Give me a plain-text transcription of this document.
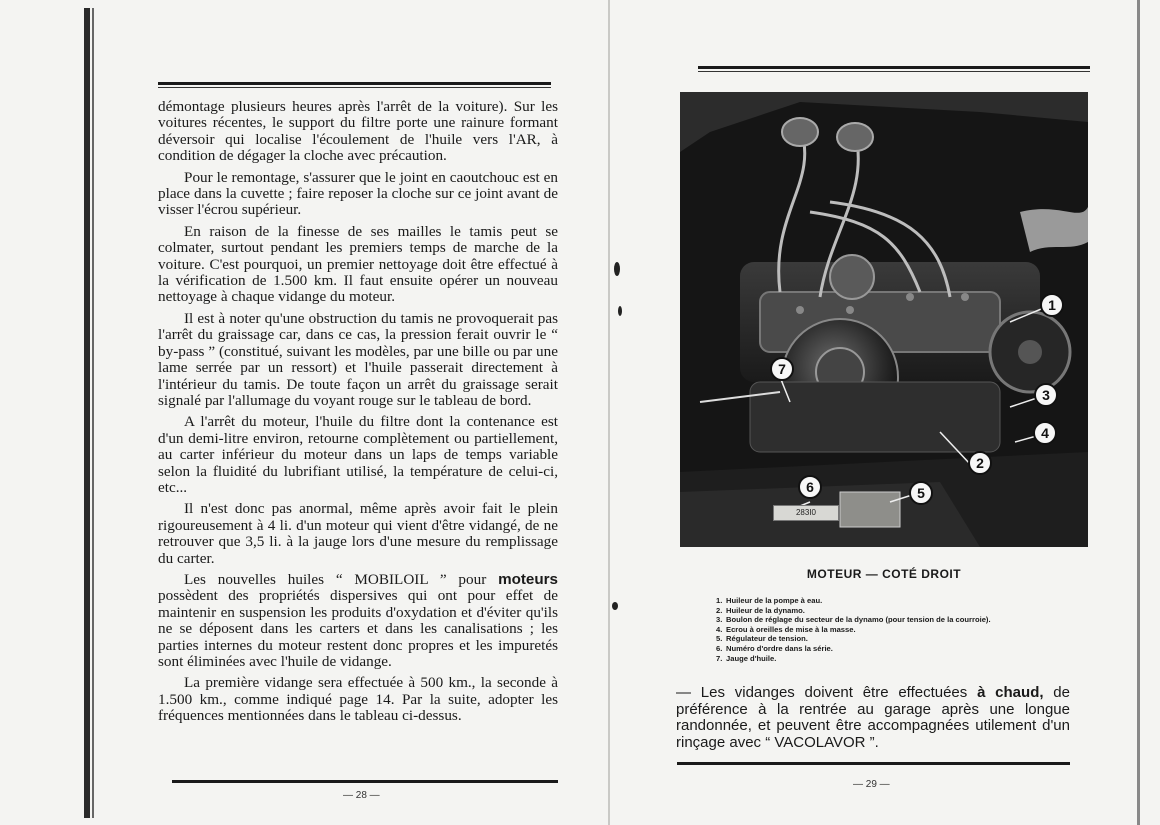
démontage plusieurs heures après l'arrêt de la voiture). Sur les voitures récentes, le support du filtre porte une rainure formant déversoir qui localise l'écoulement de l'huile vers l'AR, à condition de dégager la cloche avec précaution.

Pour le remontage, s'assurer que le joint en caoutchouc est en place dans la cuvette ; faire reposer la cloche sur ce joint avant de visser l'écrou supérieur.

En raison de la finesse de ses mailles le tamis peut se colmater, surtout pendant les premiers temps de marche de la voiture. C'est pourquoi, un premier nettoyage doit être effectué à la vérification de 1.500 km. Il faut ensuite opérer un nouveau nettoyage à chaque vidange du moteur.

Il est à noter qu'une obstruction du tamis ne provoquerait pas l'arrêt du graissage car, dans ce cas, la pression ferait ouvrir le “ by-pass ” (constitué, suivant les modèles, par une bille ou par une lame serrée par un ressort) et l'huile passerait directement à l'intérieur du tamis. De toute façon un arrêt du graissage serait signalé par l'allumage du voyant rouge sur le tableau de bord.

A l'arrêt du moteur, l'huile du filtre dont la contenance est d'un demi-litre environ, retourne complètement ou partiellement, au carter inférieur du moteur dans un laps de temps variable selon la fluidité du lubrifiant utilisé, la température de celui-ci, etc...

Il n'est donc pas anormal, même après avoir fait le plein rigoureusement à 4 li. d'un moteur qui vient d'être vidangé, de ne retrouver que 3,5 li. à la jauge lors d'une mesure du remplissage du carter.

Les nouvelles huiles “ MOBILOIL ” pour moteurs possèdent des propriétés dispersives qui ont pour effet de maintenir en suspension les produits d'oxydation et d'éviter qu'ils ne se déposent dans les carters et dans les canalisations ; les parties internes du moteur restent donc propres et les impuretés sont éliminées avec l'huile de vidange.

La première vidange sera effectuée à 500 km., la seconde à 1.500 km., comme indiqué page 14. Par la suite, adopter les fréquences mentionnées dans le tableau ci-dessus.

— 28 —
1
2
3
4
5
6
7
283I0
MOTEUR — COTÉ DROIT
1. Huileur de la pompe à eau.
2. Huileur de la dynamo.
3. Boulon de réglage du secteur de la dynamo (pour tension de la courroie).
4. Ecrou à oreilles de mise à la masse.
5. Régulateur de tension.
6. Numéro d'ordre dans la série.
7. Jauge d'huile.
— Les vidanges doivent être effectuées à chaud, de préférence à la rentrée au garage après une longue randonnée, et peuvent être accompagnées utilement d'un rinçage avec “ VACOLAVOR ”.
— 29 —
